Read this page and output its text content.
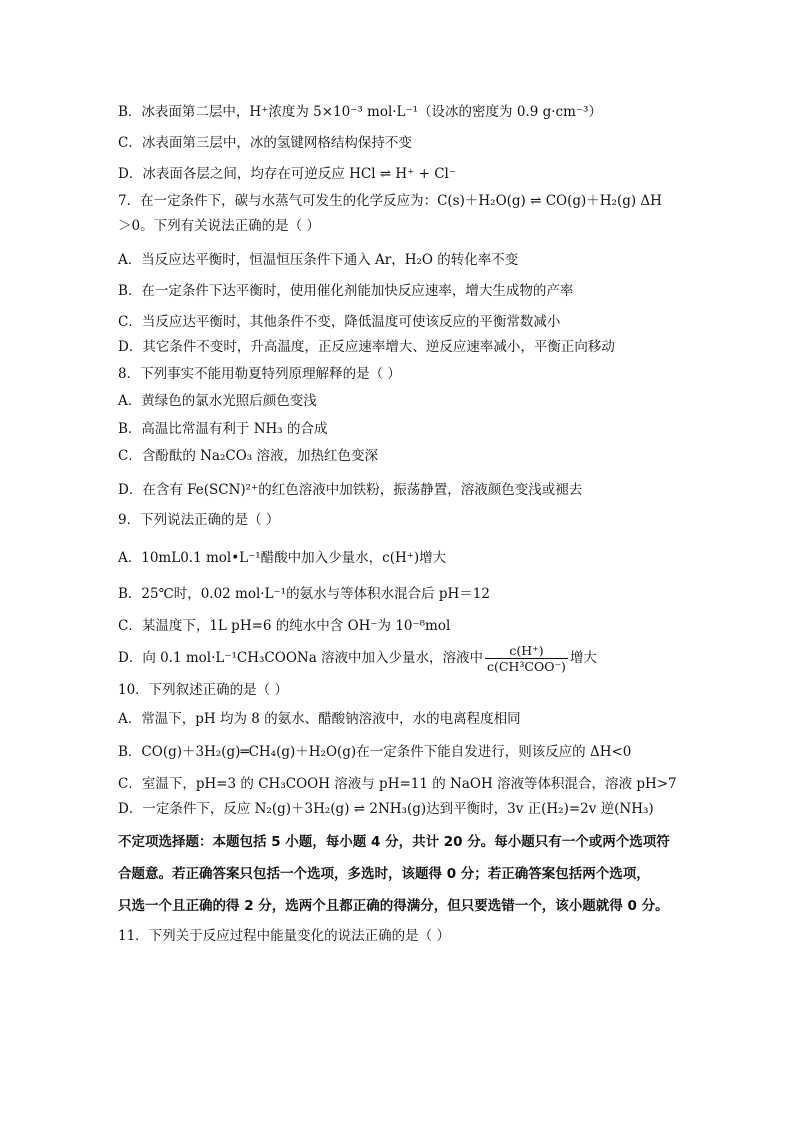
B．冰表面第二层中，H⁺浓度为 5×10⁻³ mol·L⁻¹（设冰的密度为 0.9 g·cm⁻³）
C．冰表面第三层中，冰的氢键网格结构保持不变
D．冰表面各层之间，均存在可逆反应 HCl ⇌ H⁺ + Cl⁻
7．在一定条件下，碳与水蒸气可发生的化学反应为：C(s)＋H₂O(g) ⇌ CO(g)＋H₂(g) ΔH
＞0。下列有关说法正确的是（ ）
A．当反应达平衡时，恒温恒压条件下通入 Ar，H₂O 的转化率不变
B．在一定条件下达平衡时，使用催化剂能加快反应速率，增大生成物的产率
C．当反应达平衡时，其他条件不变，降低温度可使该反应的平衡常数减小
D．其它条件不变时，升高温度，正反应速率增大、逆反应速率减小，平衡正向移动
8．下列事实不能用勒夏特列原理解释的是（ ）
A．黄绿色的氯水光照后颜色变浅
B．高温比常温有利于 NH₃ 的合成
C．含酚酞的 Na₂CO₃ 溶液，加热红色变深
D．在含有 Fe(SCN)²⁺的红色溶液中加铁粉，振荡静置，溶液颜色变浅或褪去
9．下列说法正确的是（ ）
A．10mL0.1 mol•L⁻¹醋酸中加入少量水，c(H⁺)增大
B．25℃时，0.02 mol·L⁻¹的氨水与等体积水混合后 pH＝12
C．某温度下，1L pH=6 的纯水中含 OH⁻为 10⁻⁸mol
D．向 0.1 mol·L⁻¹CH₃COONa 溶液中加入少量水，溶液中 $\frac{c(H^+)}{\text{c(CH³COO⁻)}}$ 增大
10．下列叙述正确的是（ ）
A．常温下，pH 均为 8 的氨水、醋酸钠溶液中，水的电离程度相同
B．CO(g)＋3H₂(g)═CH₄(g)＋H₂O(g)在一定条件下能自发进行，则该反应的 ΔH<0
C．室温下，pH=3 的 CH₃COOH 溶液与 pH=11 的 NaOH 溶液等体积混合，溶液 pH>7
D．一定条件下，反应 N₂(g)＋3H₂(g) ⇌ 2NH₃(g)达到平衡时，3v 正(H₂)=2v 逆(NH₃)
不定项选择题：本题包括 5 小题，每小题 4 分，共计 20 分。每小题只有一个或两个选项符
合题意。若正确答案只包括一个选项，多选时，该题得 0 分；若正确答案包括两个选项，
只选一个且正确的得 2 分，选两个且都正确的得满分，但只要选错一个，该小题就得 0 分。
11．下列关于反应过程中能量变化的说法正确的是（ ）
